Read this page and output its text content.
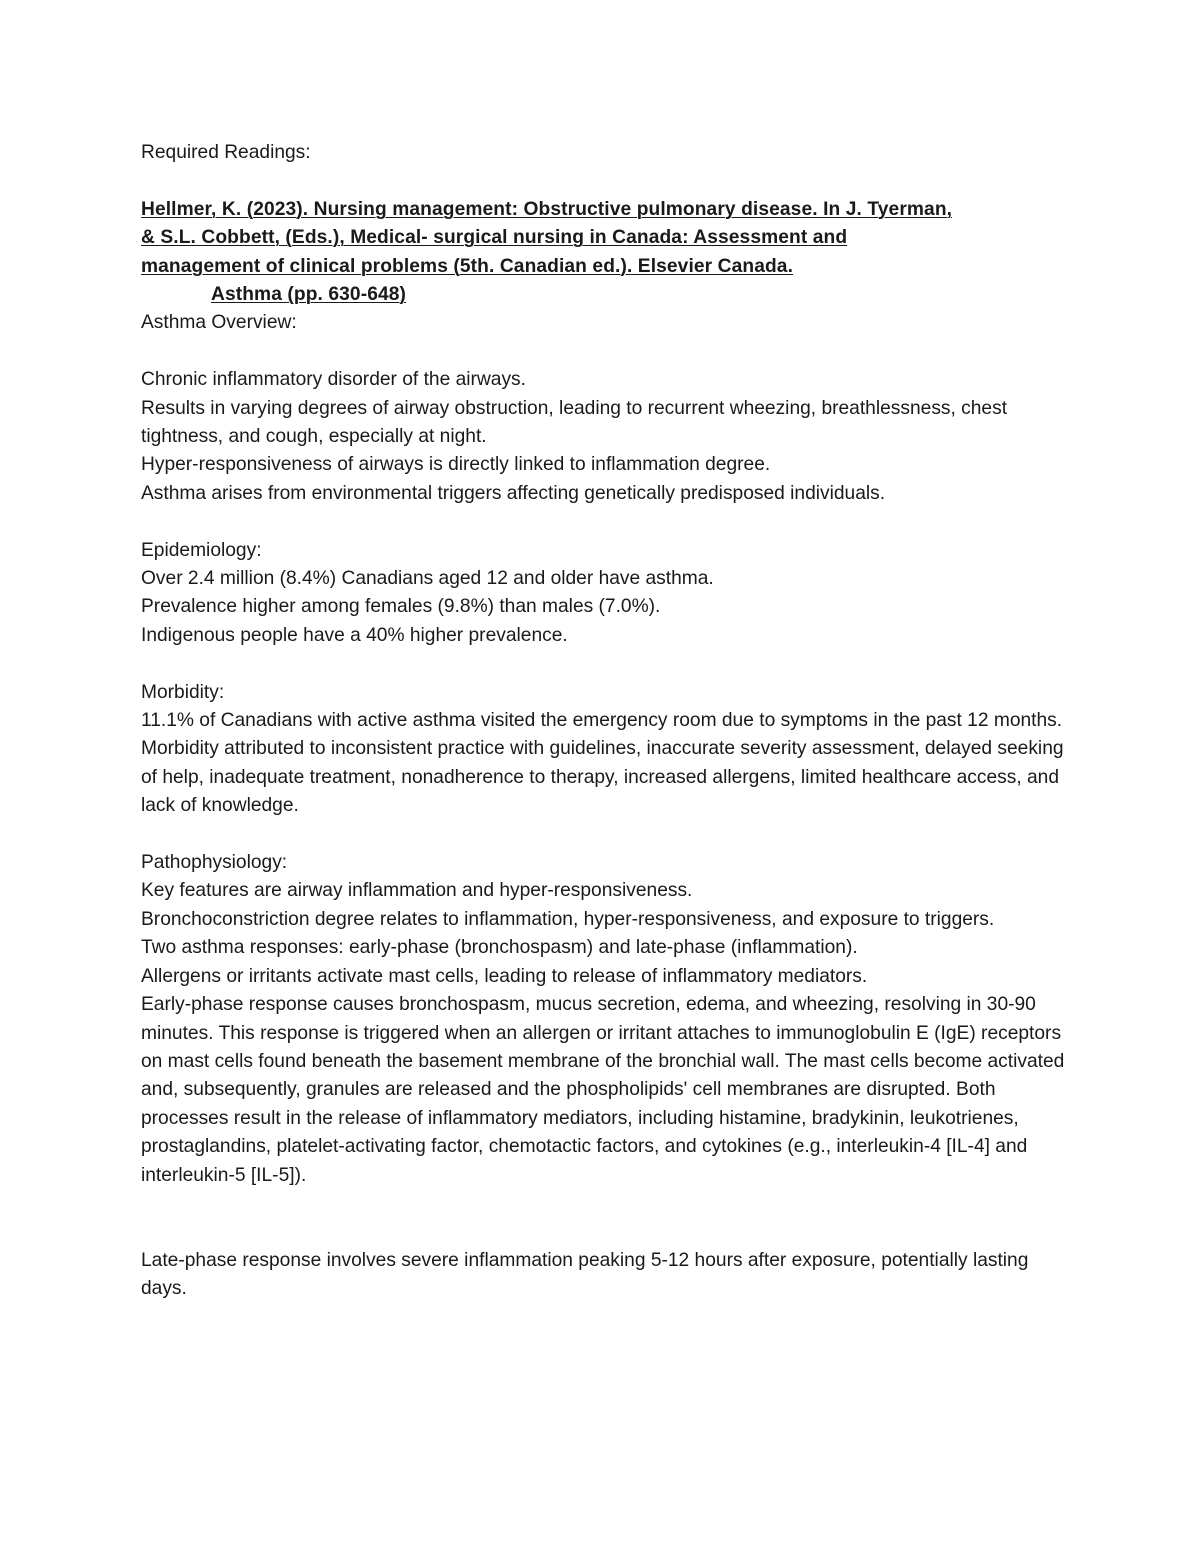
Required Readings:

Hellmer, K. (2023). Nursing management: Obstructive pulmonary disease. In J. Tyerman,

& S.L. Cobbett, (Eds.), Medical- surgical nursing in Canada: Assessment and

management of clinical problems (5th. Canadian ed.). Elsevier Canada.

Asthma (pp. 630-648)

Asthma Overview:

Chronic inflammatory disorder of the airways.

Results in varying degrees of airway obstruction, leading to recurrent wheezing, breathlessness, chest tightness, and cough, especially at night.

Hyper-responsiveness of airways is directly linked to inflammation degree.

Asthma arises from environmental triggers affecting genetically predisposed individuals.

Epidemiology:

Over 2.4 million (8.4%) Canadians aged 12 and older have asthma.

Prevalence higher among females (9.8%) than males (7.0%).

Indigenous people have a 40% higher prevalence.

Morbidity:

11.1% of Canadians with active asthma visited the emergency room due to symptoms in the past 12 months.

Morbidity attributed to inconsistent practice with guidelines, inaccurate severity assessment, delayed seeking of help, inadequate treatment, nonadherence to therapy, increased allergens, limited healthcare access, and lack of knowledge.

Pathophysiology:

Key features are airway inflammation and hyper-responsiveness.

Bronchoconstriction degree relates to inflammation, hyper-responsiveness, and exposure to triggers.

Two asthma responses: early-phase (bronchospasm) and late-phase (inflammation).

Allergens or irritants activate mast cells, leading to release of inflammatory mediators.

Early-phase response causes bronchospasm, mucus secretion, edema, and wheezing, resolving in 30-90 minutes. This response is triggered when an allergen or irritant attaches to immunoglobulin E (IgE) receptors on mast cells found beneath the basement membrane of the bronchial wall. The mast cells become activated and, subsequently, granules are released and the phospholipids' cell membranes are disrupted. Both processes result in the release of inflammatory mediators, including histamine, bradykinin, leukotrienes, prostaglandins, platelet-activating factor, chemotactic factors, and cytokines (e.g., interleukin-4 [IL-4] and interleukin-5 [IL-5]).

Late-phase response involves severe inflammation peaking 5-12 hours after exposure, potentially lasting days.
